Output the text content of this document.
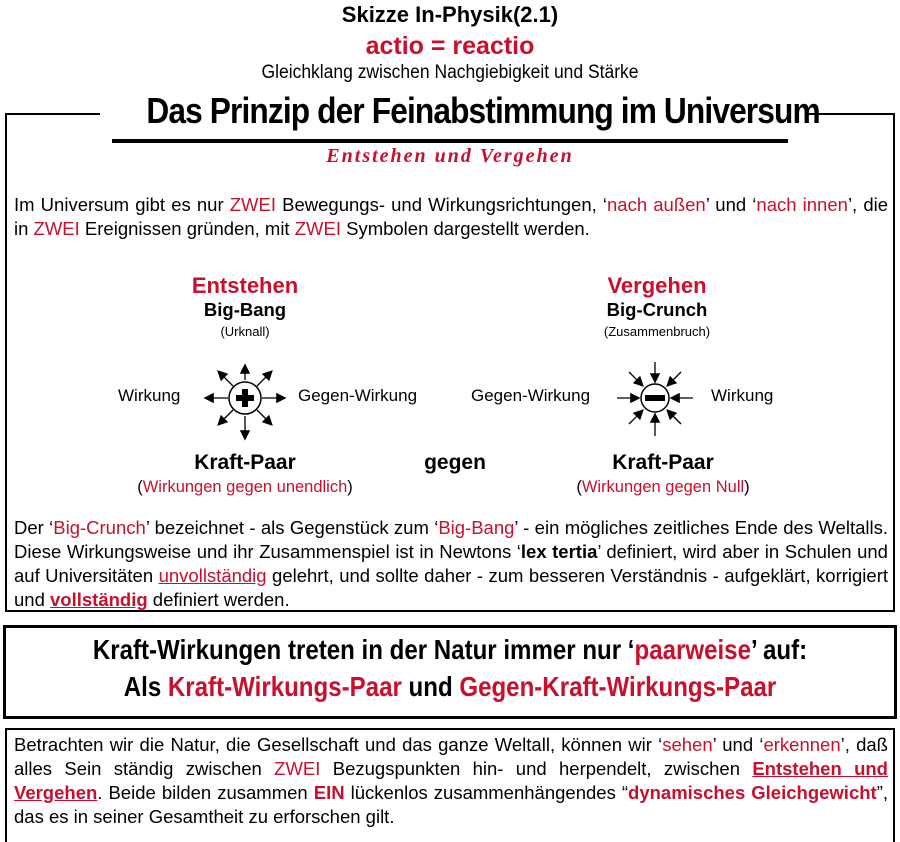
Skizze In-Physik(2.1)
actio = reactio
Gleichklang zwischen Nachgiebigkeit und Stärke
Das Prinzip der Feinabstimmung im Universum
Entstehen und Vergehen
Im Universum gibt es nur ZWEI Bewegungs- und Wirkungsrichtungen, ‘nach außen’ und ‘nach innen’, die in ZWEI Ereignissen gründen, mit ZWEI Symbolen dargestellt werden.
Entstehen
Big-Bang
(Urknall)
Vergehen
Big-Crunch
(Zusammenbruch)
Wirkung	Gegen-Wirkung	Gegen-Wirkung	Wirkung
Kraft-Paar
(Wirkungen gegen unendlich)
gegen	Kraft-Paar
(Wirkungen gegen Null)
Der ‘Big-Crunch’ bezeichnet - als Gegenstück zum ‘Big-Bang’ - ein mögliches zeitliches Ende des Weltalls. Diese Wirkungsweise und ihr Zusammenspiel ist in Newtons ‘lex tertia’ definiert, wird aber in Schulen und auf Universitäten unvollständig gelehrt, und sollte daher - zum besseren Verständnis - aufgeklärt, korrigiert und vollständig definiert werden.
Kraft-Wirkungen treten in der Natur immer nur ‘paarweise’ auf:
Als Kraft-Wirkungs-Paar und Gegen-Kraft-Wirkungs-Paar
Betrachten wir die Natur, die Gesellschaft und das ganze Weltall, können wir ‘sehen’ und ‘erkennen’, daß alles Sein ständig zwischen ZWEI Bezugspunkten hin- und herpendelt, zwischen Entstehen und Vergehen. Beide bilden zusammen EIN lückenlos zusammenhängendes “dynamisches Gleichgewicht”, das es in seiner Gesamtheit zu erforschen gilt.
